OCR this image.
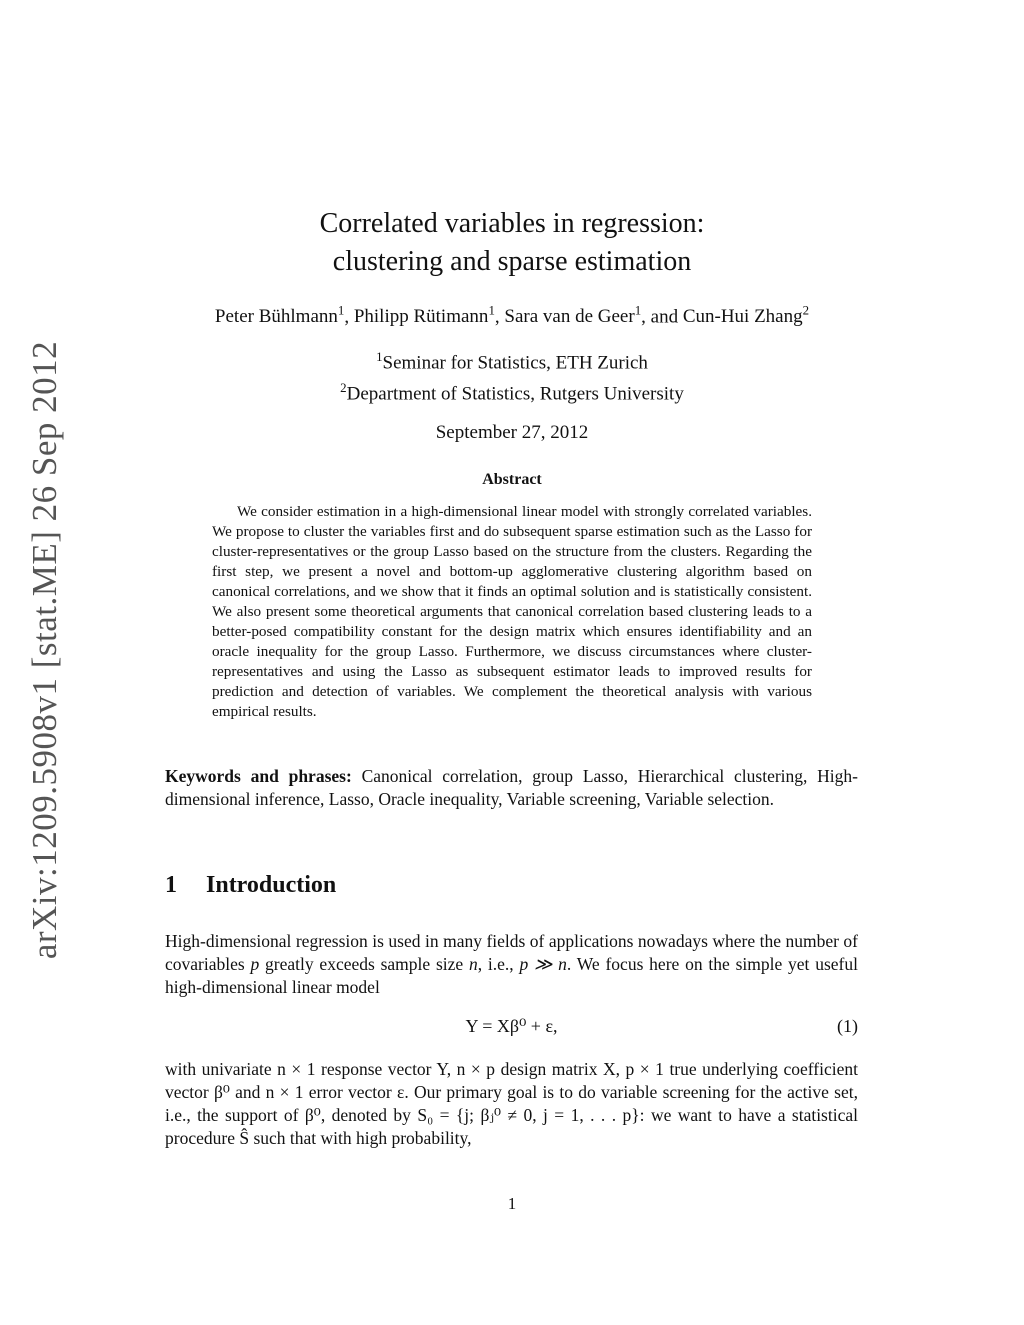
arXiv:1209.5908v1 [stat.ME] 26 Sep 2012
Correlated variables in regression:
clustering and sparse estimation
Peter Bühlmann$^1$, Philipp Rütimann$^1$, Sara van de Geer$^1$, and Cun-Hui Zhang$^2$
$^1$Seminar for Statistics, ETH Zurich
$^2$Department of Statistics, Rutgers University
September 27, 2012
Abstract

We consider estimation in a high-dimensional linear model with strongly correlated variables. We propose to cluster the variables first and do subsequent sparse estimation such as the Lasso for cluster-representatives or the group Lasso based on the structure from the clusters. Regarding the first step, we present a novel and bottom-up agglomerative clustering algorithm based on canonical correlations, and we show that it finds an optimal solution and is statistically consistent. We also present some theoretical arguments that canonical correlation based clustering leads to a better-posed compatibility constant for the design matrix which ensures identifiability and an oracle inequality for the group Lasso. Furthermore, we discuss circumstances where cluster-representatives and using the Lasso as subsequent estimator leads to improved results for prediction and detection of variables. We complement the theoretical analysis with various empirical results.

Keywords and phrases: Canonical correlation, group Lasso, Hierarchical clustering, High-dimensional inference, Lasso, Oracle inequality, Variable screening, Variable selection.

1 Introduction

High-dimensional regression is used in many fields of applications nowadays where the number of covariables p greatly exceeds sample size n, i.e., p ≫ n. We focus here on the simple yet useful high-dimensional linear model

Y = Xβ⁰ + ε,	(1)

with univariate n × 1 response vector Y, n × p design matrix X, p × 1 true underlying coefficient vector β⁰ and n × 1 error vector ε. Our primary goal is to do variable screening for the active set, i.e., the support of β⁰, denoted by S₀ = {j; βⱼ⁰ ≠ 0, j = 1, . . . p}: we want to have a statistical procedure Ŝ such that with high probability,

1
